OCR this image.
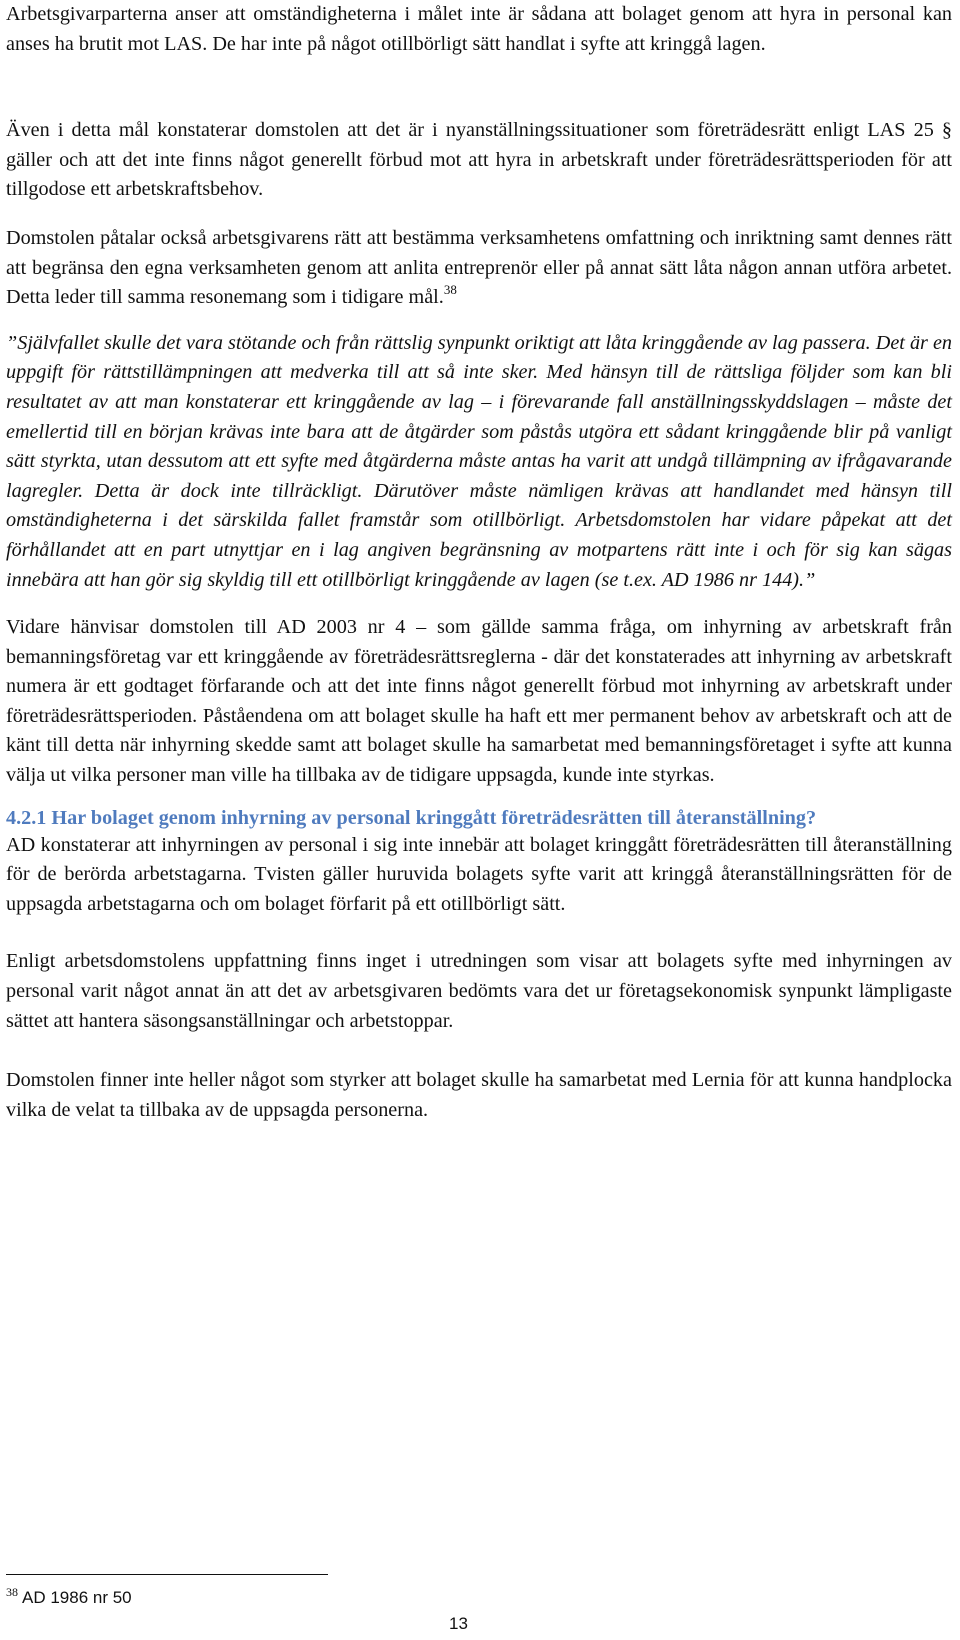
Arbetsgivarparterna anser att omständigheterna i målet inte är sådana att bolaget genom att hyra in personal kan anses ha brutit mot LAS. De har inte på något otillbörligt sätt handlat i syfte att kringgå lagen.

Även i detta mål konstaterar domstolen att det är i nyanställningssituationer som företrädesrätt enligt LAS 25 § gäller och att det inte finns något generellt förbud mot att hyra in arbetskraft under företrädesrättsperioden för att tillgodose ett arbetskraftsbehov.

Domstolen påtalar också arbetsgivarens rätt att bestämma verksamhetens omfattning och inriktning samt dennes rätt att begränsa den egna verksamheten genom att anlita entreprenör eller på annat sätt låta någon annan utföra arbetet. Detta leder till samma resonemang som i tidigare mål.$^{38}$

”Självfallet skulle det vara stötande och från rättslig synpunkt oriktigt att låta kringgående av lag passera. Det är en uppgift för rättstillämpningen att medverka till att så inte sker. Med hänsyn till de rättsliga följder som kan bli resultatet av att man konstaterar ett kringgående av lag – i förevarande fall anställningsskyddslagen – måste det emellertid till en början krävas inte bara att de åtgärder som påstås utgöra ett sådant kringgående blir på vanligt sätt styrkta, utan dessutom att ett syfte med åtgärderna måste antas ha varit att undgå tillämpning av ifrågavarande lagregler. Detta är dock inte tillräckligt. Därutöver måste nämligen krävas att handlandet med hänsyn till omständigheterna i det särskilda fallet framstår som otillbörligt. Arbetsdomstolen har vidare påpekat att det förhållandet att en part utnyttjar en i lag angiven begränsning av motpartens rätt inte i och för sig kan sägas innebära att han gör sig skyldig till ett otillbörligt kringgående av lagen (se t.ex. AD 1986 nr 144).”

Vidare hänvisar domstolen till AD 2003 nr 4 – som gällde samma fråga, om inhyrning av arbetskraft från bemanningsföretag var ett kringgående av företrädesrättsreglerna - där det konstaterades att inhyrning av arbetskraft numera är ett godtaget förfarande och att det inte finns något generellt förbud mot inhyrning av arbetskraft under företrädesrättsperioden. Påståendena om att bolaget skulle ha haft ett mer permanent behov av arbetskraft och att de känt till detta när inhyrning skedde samt att bolaget skulle ha samarbetat med bemanningsföretaget i syfte att kunna välja ut vilka personer man ville ha tillbaka av de tidigare uppsagda, kunde inte styrkas.

4.2.1 Har bolaget genom inhyrning av personal kringgått företrädesrätten till återanställning?

AD konstaterar att inhyrningen av personal i sig inte innebär att bolaget kringgått företrädesrätten till återanställning för de berörda arbetstagarna. Tvisten gäller huruvida bolagets syfte varit att kringgå återanställningsrätten för de uppsagda arbetstagarna och om bolaget förfarit på ett otillbörligt sätt.

Enligt arbetsdomstolens uppfattning finns inget i utredningen som visar att bolagets syfte med inhyrningen av personal varit något annat än att det av arbetsgivaren bedömts vara det ur företagsekonomisk synpunkt lämpligaste sättet att hantera säsongsanställningar och arbetstoppar.

Domstolen finner inte heller något som styrker att bolaget skulle ha samarbetat med Lernia för att kunna handplocka vilka de velat ta tillbaka av de uppsagda personerna.

$^{38}$ AD 1986 nr 50
13
